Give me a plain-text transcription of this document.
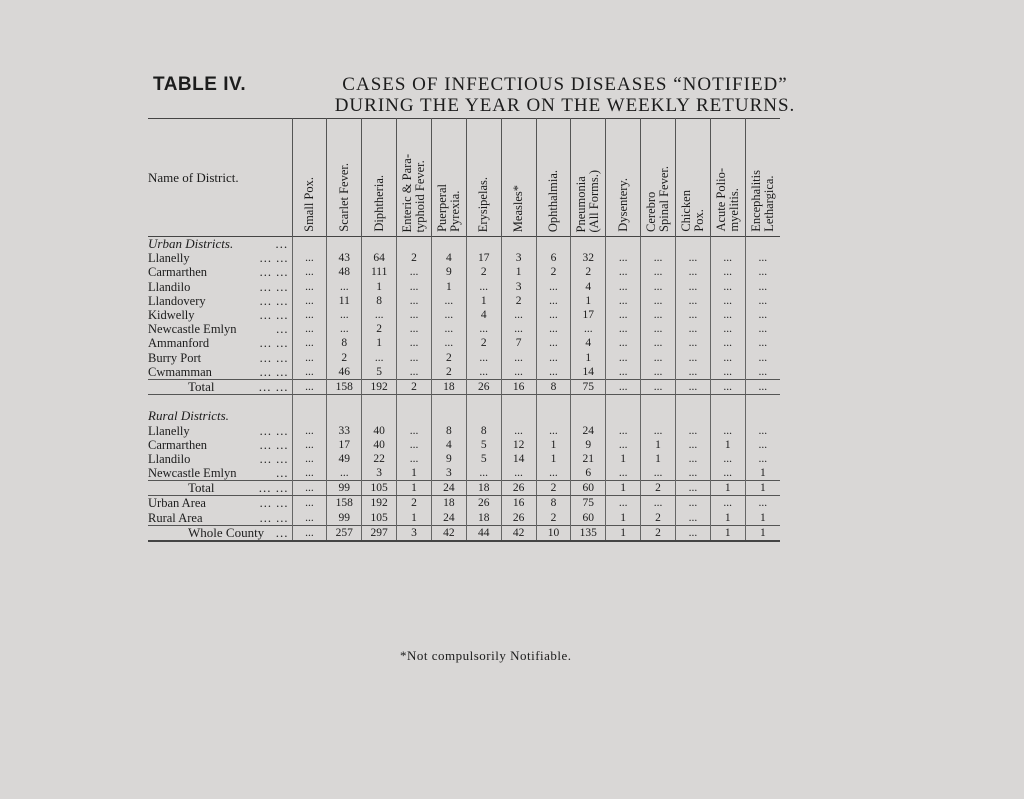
TABLE IV.	CASES OF INFECTIOUS DISEASES “NOTIFIED”
DURING THE YEAR ON THE WEEKLY RETURNS.
Name of District.	Small Pox.	Scarlet Fever.	Diphtheria.	Enteric & Para-
typhoid Fever.	Puerperal
Pyrexia.	Erysipelas.	Measles*	Ophthalmia.	Pneumonia
(All Forms.)	Dysentery.	Cerebro
Spinal Fever.	Chicken
Pox.	Acute Polio-
myelitis.	Encephalitis
Lethargica.

...
Urban Districts.														

... ...
Llanelly	...	43	64	2	4	17	3	6	32	...	...	...	...	...

... ...
Carmarthen	...	48	111	...	9	2	1	2	2	...	...	...	...	...

... ...
Llandilo	...	...	1	...	1	...	3	...	4	...	...	...	...	...

... ...
Llandovery	...	11	8	...	...	1	2	...	1	...	...	...	...	...

... ...
Kidwelly	...	...	...	...	...	4	...	...	17	...	...	...	...	...

...
Newcastle Emlyn	...	...	2	...	...	...	...	...	...	...	...	...	...	...

... ...
Ammanford	...	8	1	...	...	2	7	...	4	...	...	...	...	...

... ...
Burry Port	...	2	...	...	2	...	...	...	1	...	...	...	...	...

... ...
Cwmamman	...	46	5	...	2	...	...	...	14	...	...	...	...	...

... ...
Total	...	158	192	2	18	26	16	8	75	...	...	...	...	...

Rural Districts.														

... ...
Llanelly	...	33	40	...	8	8	...	...	24	...	...	...	...	...

... ...
Carmarthen	...	17	40	...	4	5	12	1	9	...	1	...	1	...

... ...
Llandilo	...	49	22	...	9	5	14	1	21	1	1	...	...	...

...
Newcastle Emlyn	...	...	3	1	3	...	...	...	6	...	...	...	...	1

... ...
Total	...	99	105	1	24	18	26	2	60	1	2	...	1	1

... ...
Urban Area	...	158	192	2	18	26	16	8	75	...	...	...	...	...

... ...
Rural Area	...	99	105	1	24	18	26	2	60	1	2	...	1	1

...
Whole County	...	257	297	3	42	44	42	10	135	1	2	...	1	1
*Not compulsorily Notifiable.
